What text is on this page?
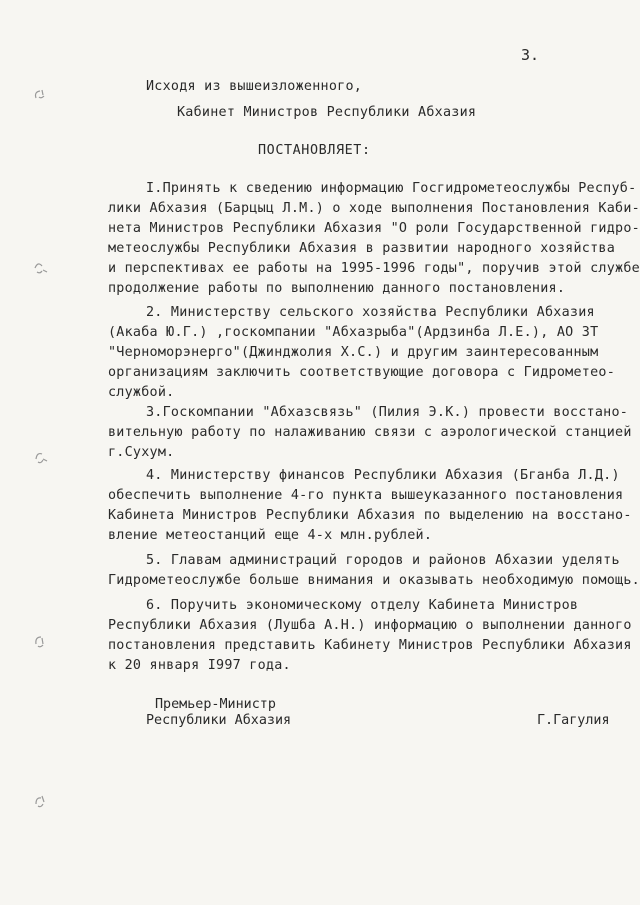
3.
Исходя из вышеизложенного,
Кабинет Министров Республики Абхазия
ПОСТАНОВЛЯЕТ:
I.Принять к сведению информацию Госгидрометеослужбы Респуб-
лики Абхазия (Барцыц Л.М.) о ходе выполнения Постановления Каби-
нета Министров Республики Абхазия "О роли Государственной гидро-
метеослужбы Республики Абхазия в развитии народного хозяйства
и перспективах ее работы на 1995-1996 годы", поручив этой службе
продолжение работы по выполнению данного постановления.
2. Министерству сельского хозяйства Республики Абхазия
(Акаба Ю.Г.) ,госкомпании "Абхазрыба"(Ардзинба Л.Е.), АО ЗТ
"Черноморэнерго"(Джинджолия Х.С.) и другим заинтересованным
организациям заключить соответствующие договора с Гидрометео-
службой.
3.Госкомпании "Абхазсвязь" (Пилия Э.К.) провести восстано-
вительную работу по налаживанию связи с аэрологической станцией
г.Сухум.
4. Министерству финансов Республики Абхазия (Бганба Л.Д.)
обеспечить выполнение 4-го пункта вышеуказанного постановления
Кабинета Министров Республики Абхазия по выделению на восстано-
вление метеостанций еще 4-х млн.рублей.
5. Главам администраций городов и районов Абхазии уделять
Гидрометеослужбе больше внимания и оказывать необходимую помощь.
6. Поручить экономическому отделу Кабинета Министров
Республики Абхазия (Лушба А.Н.) информацию о выполнении данного
постановления представить Кабинету Министров Республики Абхазия
к 20 января I997 года.
Премьер-Министр
Республики Абхазия	Г.Гагулия
